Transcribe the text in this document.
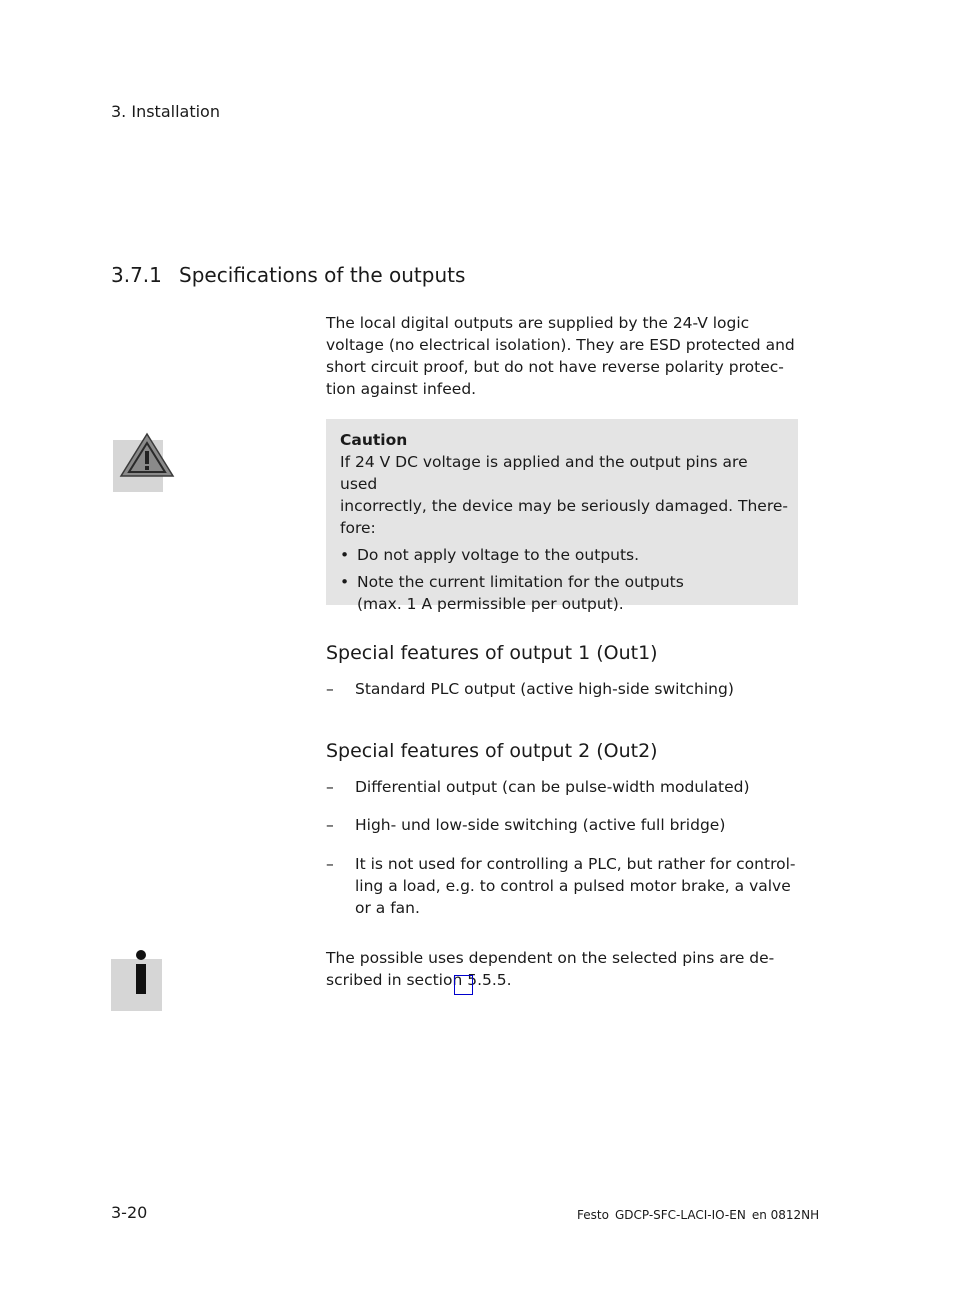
3. Installation
3.7.1 Specifications of the outputs
The local digital outputs are supplied by the 24-V logic
voltage (no electrical isolation). They are ESD protected and
short circuit proof, but do not have reverse polarity protec-
tion against infeed.
Caution
If 24 V DC voltage is applied and the output pins are used
incorrectly, the device may be seriously damaged. There-
fore:
• Do not apply voltage to the outputs.
• Note the current limitation for the outputs
(max. 1 A permissible per output).
Special features of output 1 (Out1)
– Standard PLC output (active high-side switching)
Special features of output 2 (Out2)
– Differential output (can be pulse-width modulated)
– High- und low-side switching (active full bridge)
– It is not used for controlling a PLC, but rather for control-
ling a load, e.g. to control a pulsed motor brake, a valve
or a fan.
The possible uses dependent on the selected pins are de-
scribed in section 5.5.5.
3-20	Festo GDCP-SFC-LACI-IO-EN en 0812NH
